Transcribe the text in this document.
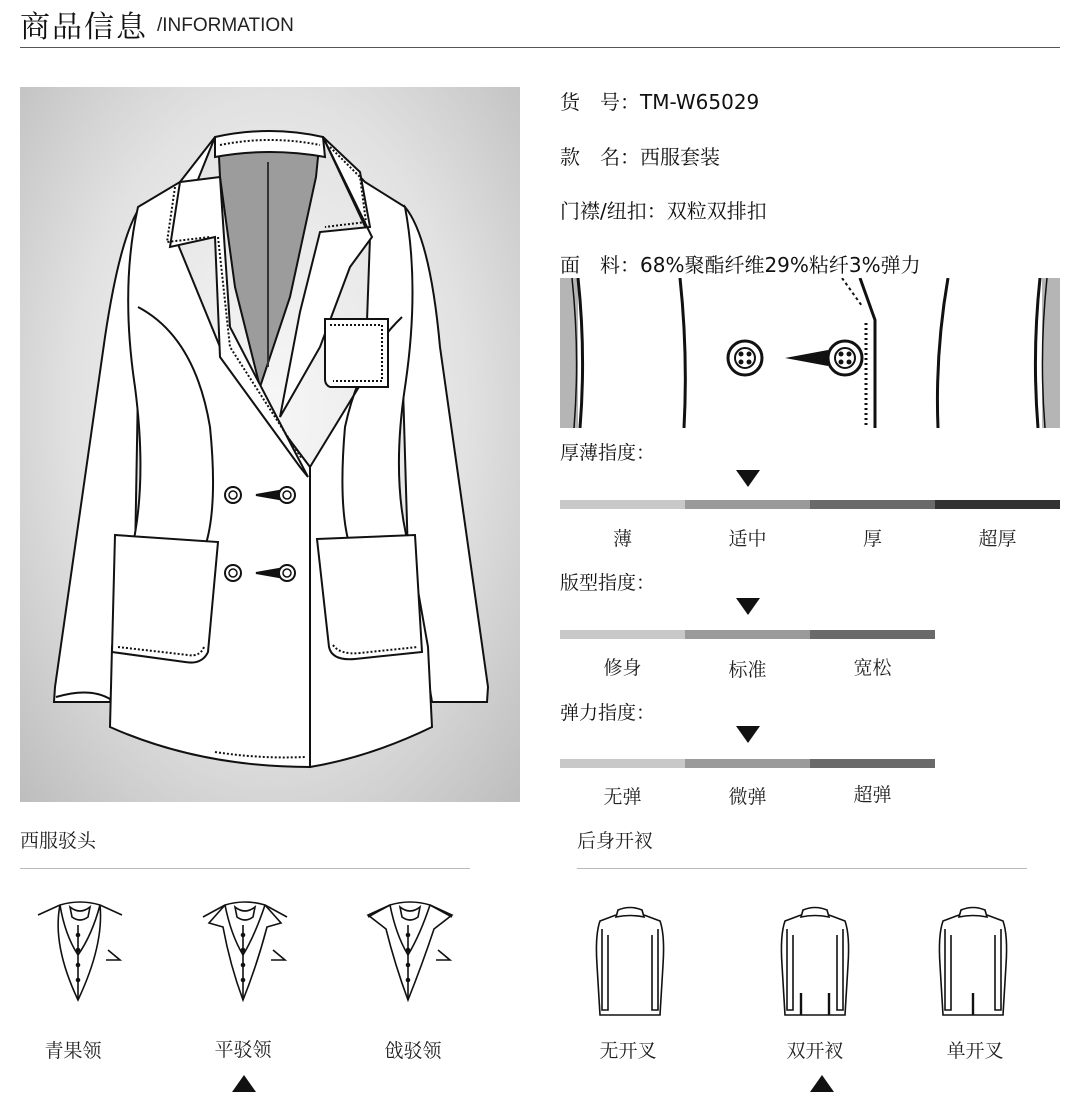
商品信息 /INFORMATION
货　号：TM-W65029
款　名：西服套装
门襟/纽扣：双粒双排扣
面　料：68%聚酯纤维29%粘纤3%弹力
厚薄指度：
薄	适中	厚	超厚
版型指度：
修身	标准	宽松
弹力指度：
无弹	微弹	超弹
西服驳头
青果领	平驳领	戗驳领
后身开衩
无开叉	双开衩	单开叉
